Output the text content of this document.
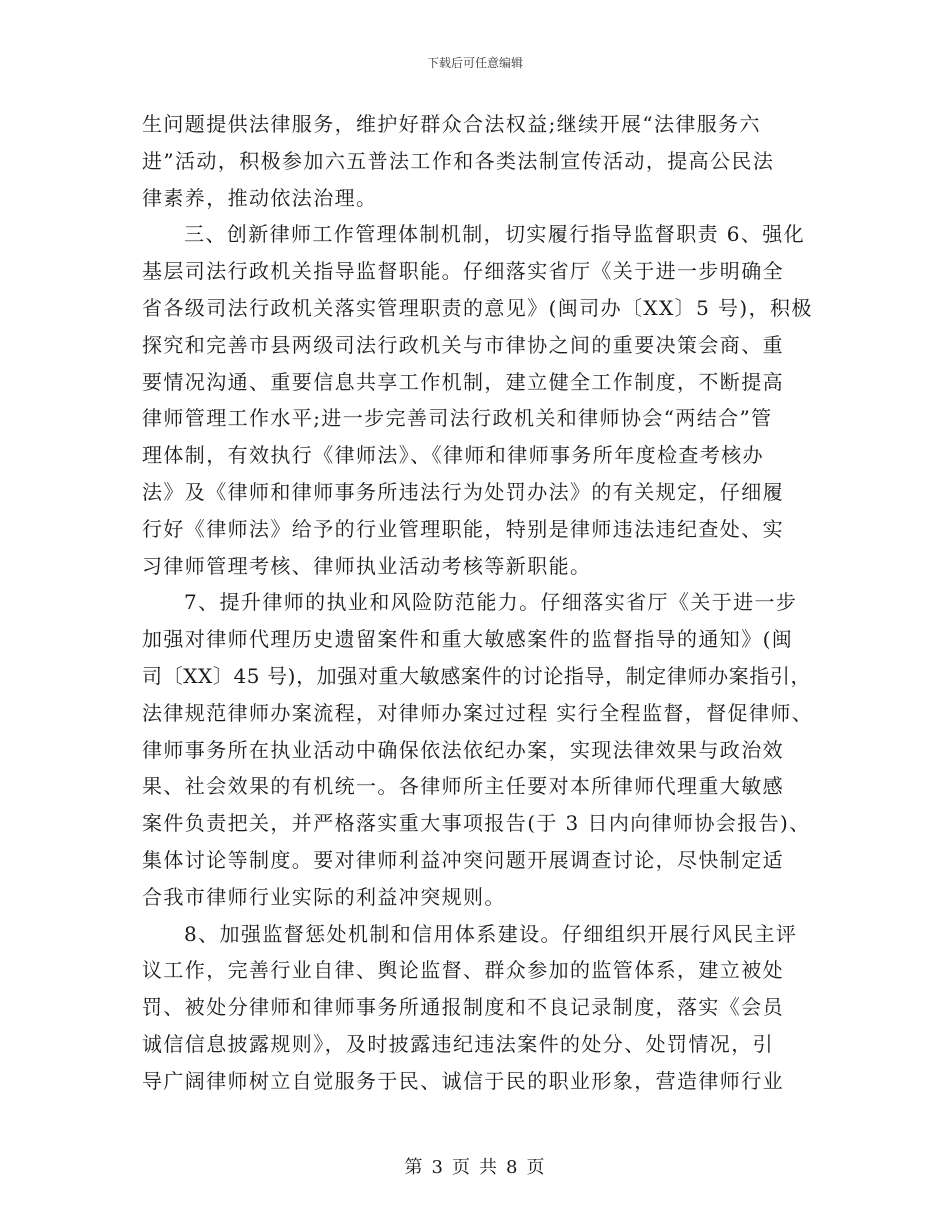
下载后可任意编辑
生问题提供法律服务，维护好群众合法权益;继续开展“法律服务六
进”活动，积极参加六五普法工作和各类法制宣传活动，提高公民法
律素养，推动依法治理。
三、创新律师工作管理体制机制，切实履行指导监督职责 6、强化
基层司法行政机关指导监督职能。仔细落实省厅《关于进一步明确全
省各级司法行政机关落实管理职责的意见》(闽司办〔XX〕5 号)，积极
探究和完善市县两级司法行政机关与市律协之间的重要决策会商、重
要情况沟通、重要信息共享工作机制，建立健全工作制度，不断提高
律师管理工作水平;进一步完善司法行政机关和律师协会“两结合”管
理体制，有效执行《律师法》、《律师和律师事务所年度检查考核办
法》及《律师和律师事务所违法行为处罚办法》的有关规定，仔细履
行好《律师法》给予的行业管理职能，特别是律师违法违纪查处、实
习律师管理考核、律师执业活动考核等新职能。
7、提升律师的执业和风险防范能力。仔细落实省厅《关于进一步
加强对律师代理历史遗留案件和重大敏感案件的监督指导的通知》(闽
司〔XX〕45 号)，加强对重大敏感案件的讨论指导，制定律师办案指引，
法律规范律师办案流程，对律师办案过过程 实行全程监督，督促律师、
律师事务所在执业活动中确保依法依纪办案，实现法律效果与政治效
果、社会效果的有机统一。各律师所主任要对本所律师代理重大敏感
案件负责把关，并严格落实重大事项报告(于 3 日内向律师协会报告)、
集体讨论等制度。要对律师利益冲突问题开展调查讨论，尽快制定适
合我市律师行业实际的利益冲突规则。
8、加强监督惩处机制和信用体系建设。仔细组织开展行风民主评
议工作，完善行业自律、舆论监督、群众参加的监管体系，建立被处
罚、被处分律师和律师事务所通报制度和不良记录制度，落实《会员
诚信信息披露规则》，及时披露违纪违法案件的处分、处罚情况，引
导广阔律师树立自觉服务于民、诚信于民的职业形象，营造律师行业
第 3 页 共 8 页
